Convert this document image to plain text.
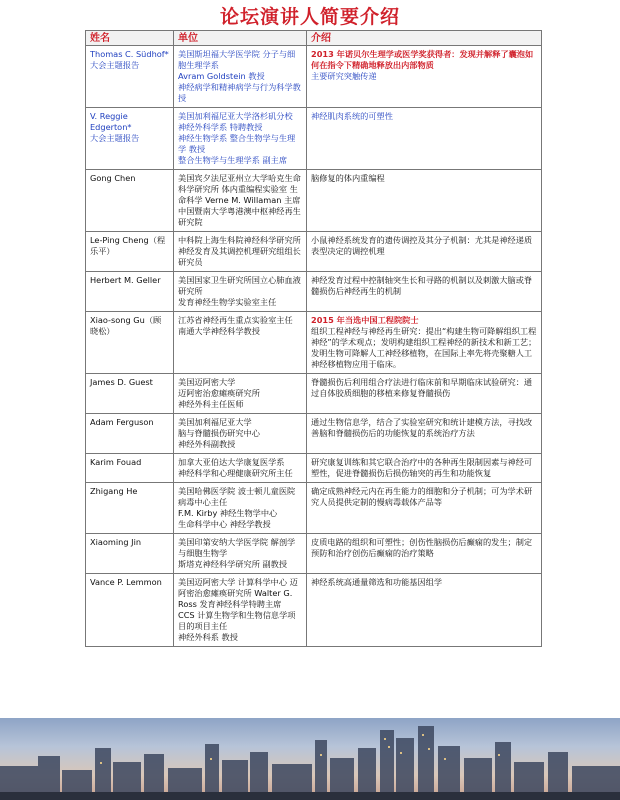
论坛演讲人简要介绍
姓名	单位	介绍
Thomas C. Südhof*
大会主题报告	美国斯坦福大学医学院 分子与细胞生理学系
Avram Goldstein 教授
神经病学和精神病学与行为科学教授	2013 年诺贝尔生理学或医学奖获得者：发现并解释了囊泡如何在指令下精确地释放出内部物质
主要研究突触传递

V. Reggie Edgerton*
大会主题报告	美国加利福尼亚大学洛杉矶分校 神经外科学系 特聘教授
神经生物学系 整合生物学与生理学 教授
整合生物学与生理学系 副主席	神经肌肉系统的可塑性

Gong Chen	美国宾夕法尼亚州立大学哈克生命科学研究所 体内重编程实验室 生命科学 Verne M. Willaman 主席
中国暨南大学粤港澳中枢神经再生研究院	脑修复的体内重编程

Le-Ping Cheng（程乐平）	中科院上海生科院神经科学研究所 神经发育及其调控机理研究组组长 研究员	小鼠神经系统发育的遗传调控及其分子机制：尤其是神经递质表型决定的调控机理

Herbert M. Geller	美国国家卫生研究所国立心肺血液研究所
发育神经生物学实验室主任	神经发育过程中控制轴突生长和寻路的机制以及刺激大脑或脊髓损伤后神经再生的机制

Xiao-song Gu（顾晓松）	江苏省神经再生重点实验室主任
南通大学神经科学教授	2015 年当选中国工程院院士
组织工程神经与神经再生研究：提出“构建生物可降解组织工程神经”的学术观点；发明构建组织工程神经的新技术和新工艺；发明生物可降解人工神经移植物，在国际上率先将壳聚糖人工神经移植物应用于临床。

James D. Guest	美国迈阿密大学
迈阿密治愈瘫痪研究所
神经外科主任医师	脊髓损伤后利用组合疗法进行临床前和早期临床试验研究：通过自体胶质细胞的移植来修复脊髓损伤

Adam Ferguson	美国加利福尼亚大学
脑与脊髓损伤研究中心
神经外科副教授	通过生物信息学，结合了实验室研究和统计建模方法，寻找改善脑和脊髓损伤后的功能恢复的系统治疗方法

Karim Fouad	加拿大亚伯达大学康复医学系
神经科学和心理健康研究所主任	研究康复训练和其它联合治疗中的各种再生限制因素与神经可塑性，促进脊髓损伤后损伤轴突的再生和功能恢复

Zhigang He	美国哈佛医学院 波士顿儿童医院 病毒中心主任
F.M. Kirby 神经生物学中心
生命科学中心 神经学教授	确定成熟神经元内在再生能力的细胞和分子机制；可为学术研究人员提供定制的慢病毒载体产品等

Xiaoming Jin	美国印第安纳大学医学院 解剖学与细胞生物学
斯塔克神经科学研究所 副教授	皮质电路的组织和可塑性；创伤性脑损伤后癫痫的发生；制定预防和治疗创伤后癫痫的治疗策略

Vance P. Lemmon	美国迈阿密大学 计算科学中心 迈阿密治愈瘫痪研究所 Walter G. Ross 发育神经科学特聘主席
CCS 计算生物学和生物信息学项目的项目主任
神经外科系 教授	神经系统高通量筛选和功能基因组学
